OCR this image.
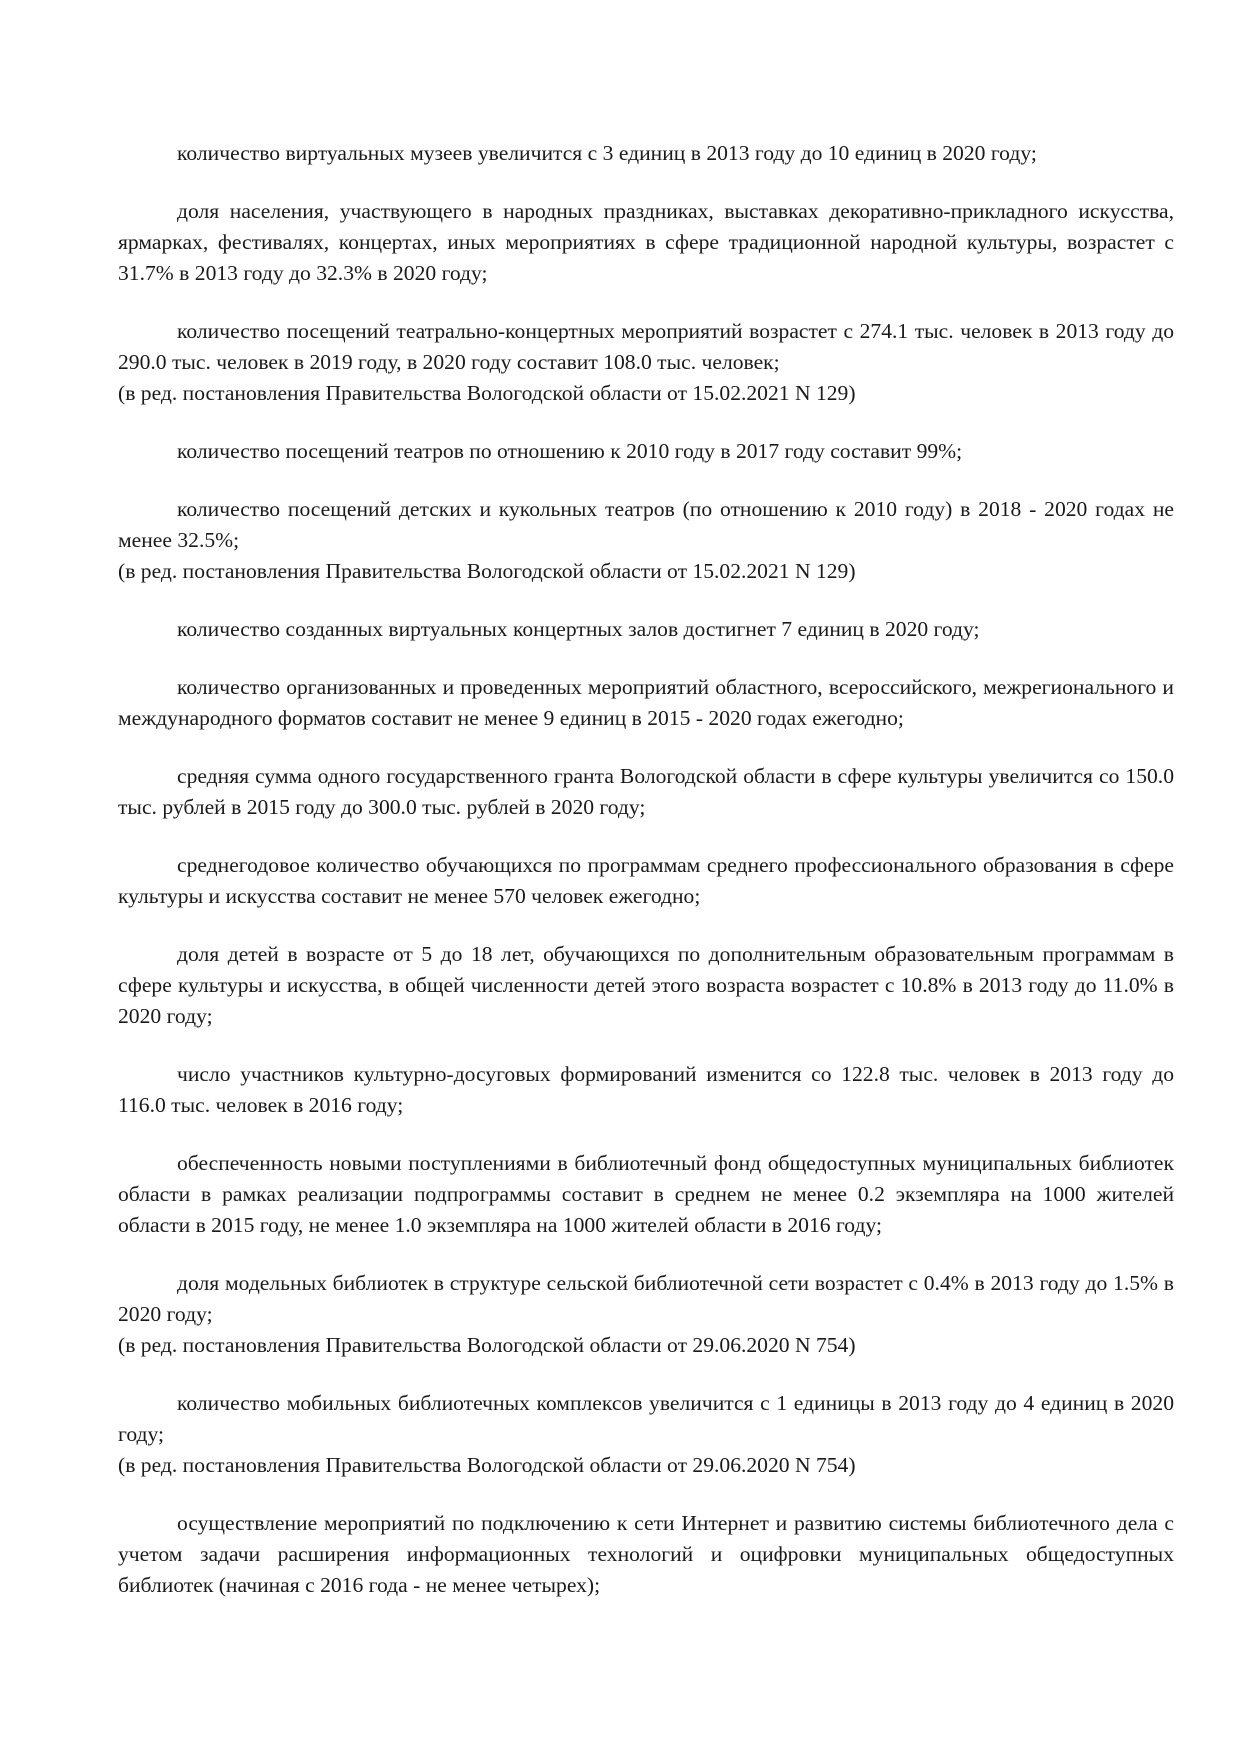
количество виртуальных музеев увеличится с 3 единиц в 2013 году до 10 единиц в 2020 году;

доля населения, участвующего в народных праздниках, выставках декоративно-прикладного искусства, ярмарках, фестивалях, концертах, иных мероприятиях в сфере традиционной народной культуры, возрастет с 31.7% в 2013 году до 32.3% в 2020 году;

количество посещений театрально-концертных мероприятий возрастет с 274.1 тыс. человек в 2013 году до 290.0 тыс. человек в 2019 году, в 2020 году составит 108.0 тыс. человек;

(в ред. постановления Правительства Вологодской области от 15.02.2021 N 129)

количество посещений театров по отношению к 2010 году в 2017 году составит 99%;

количество посещений детских и кукольных театров (по отношению к 2010 году) в 2018 - 2020 годах не менее 32.5%;

(в ред. постановления Правительства Вологодской области от 15.02.2021 N 129)

количество созданных виртуальных концертных залов достигнет 7 единиц в 2020 году;

количество организованных и проведенных мероприятий областного, всероссийского, межрегионального и международного форматов составит не менее 9 единиц в 2015 - 2020 годах ежегодно;

средняя сумма одного государственного гранта Вологодской области в сфере культуры увеличится со 150.0 тыс. рублей в 2015 году до 300.0 тыс. рублей в 2020 году;

среднегодовое количество обучающихся по программам среднего профессионального образования в сфере культуры и искусства составит не менее 570 человек ежегодно;

доля детей в возрасте от 5 до 18 лет, обучающихся по дополнительным образовательным программам в сфере культуры и искусства, в общей численности детей этого возраста возрастет с 10.8% в 2013 году до 11.0% в 2020 году;

число участников культурно-досуговых формирований изменится со 122.8 тыс. человек в 2013 году до 116.0 тыс. человек в 2016 году;

обеспеченность новыми поступлениями в библиотечный фонд общедоступных муниципальных библиотек области в рамках реализации подпрограммы составит в среднем не менее 0.2 экземпляра на 1000 жителей области в 2015 году, не менее 1.0 экземпляра на 1000 жителей области в 2016 году;

доля модельных библиотек в структуре сельской библиотечной сети возрастет с 0.4% в 2013 году до 1.5% в 2020 году;

(в ред. постановления Правительства Вологодской области от 29.06.2020 N 754)

количество мобильных библиотечных комплексов увеличится с 1 единицы в 2013 году до 4 единиц в 2020 году;

(в ред. постановления Правительства Вологодской области от 29.06.2020 N 754)

осуществление мероприятий по подключению к сети Интернет и развитию системы библиотечного дела с учетом задачи расширения информационных технологий и оцифровки муниципальных общедоступных библиотек (начиная с 2016 года - не менее четырех);
